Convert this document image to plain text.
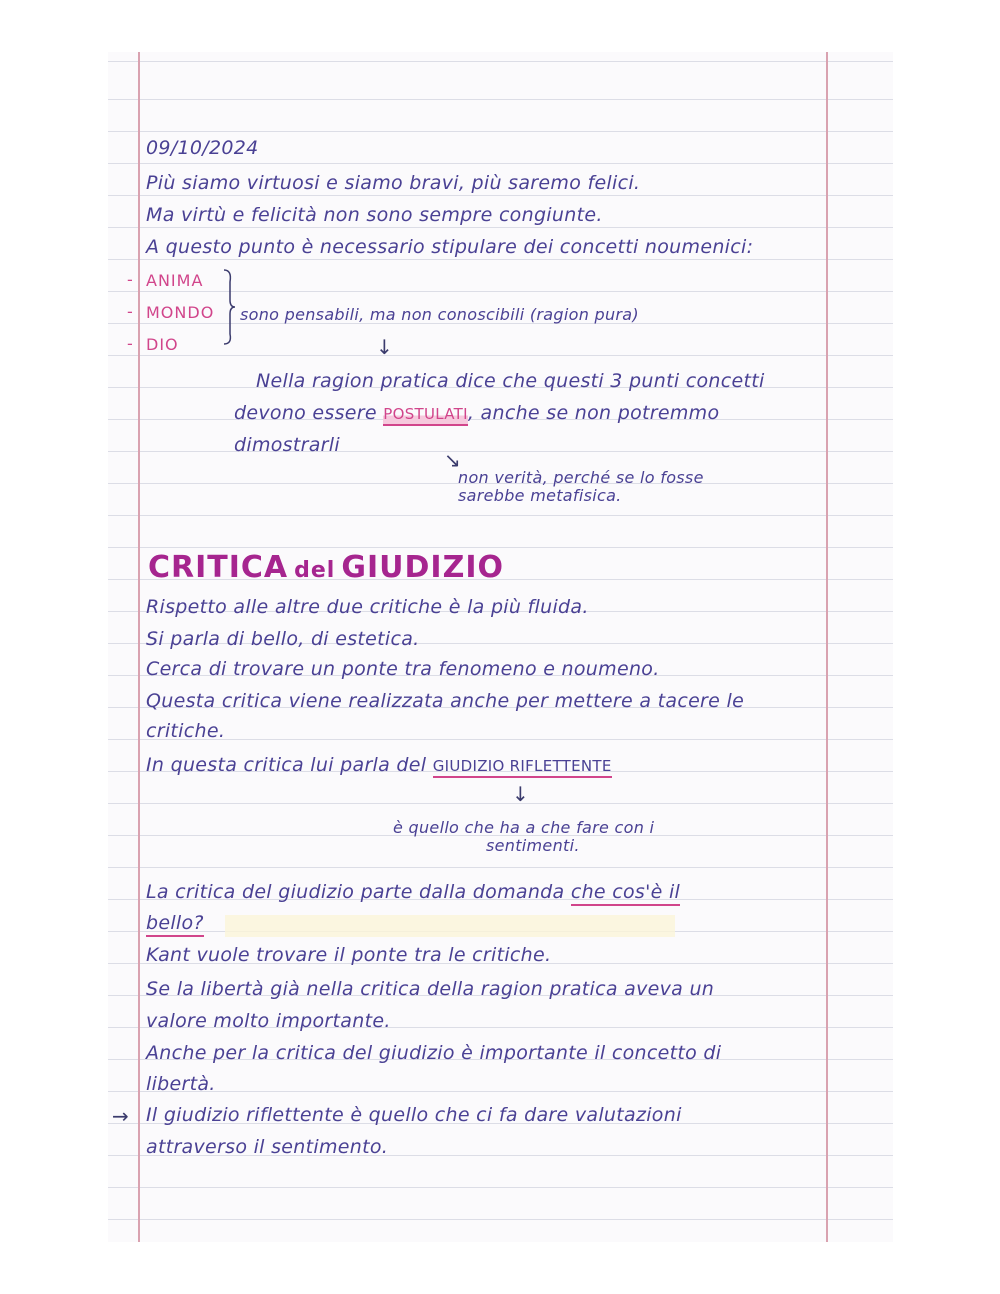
09/10/2024
Più siamo virtuosi e siamo bravi, più saremo felici.
Ma virtù e felicità non sono sempre congiunte.
A questo punto è necessario stipulare dei concetti noumenici:
-
-
-
ANIMA
MONDO
DIO
sono pensabili, ma non conoscibili (ragion pura)
↓
Nella ragion pratica dice che questi 3 punti concetti
devono essere POSTULATI, anche se non potremmo
dimostrarli
↘
non verità, perché se lo fosse
sarebbe metafisica.
CRITICA del GIUDIZIO
Rispetto alle altre due critiche è la più fluida.
Si parla di bello, di estetica.
Cerca di trovare un ponte tra fenomeno e noumeno.
Questa critica viene realizzata anche per mettere a tacere le
critiche.
In questa critica lui parla del GIUDIZIO RIFLETTENTE
↓
è quello che ha a che fare con i
sentimenti.
La critica del giudizio parte dalla domanda che cos'è il
bello?
Kant vuole trovare il ponte tra le critiche.
Se la libertà già nella critica della ragion pratica aveva un
valore molto importante.
Anche per la critica del giudizio è importante il concetto di
libertà.
→ Il giudizio riflettente è quello che ci fa dare valutazioni
attraverso il sentimento.
